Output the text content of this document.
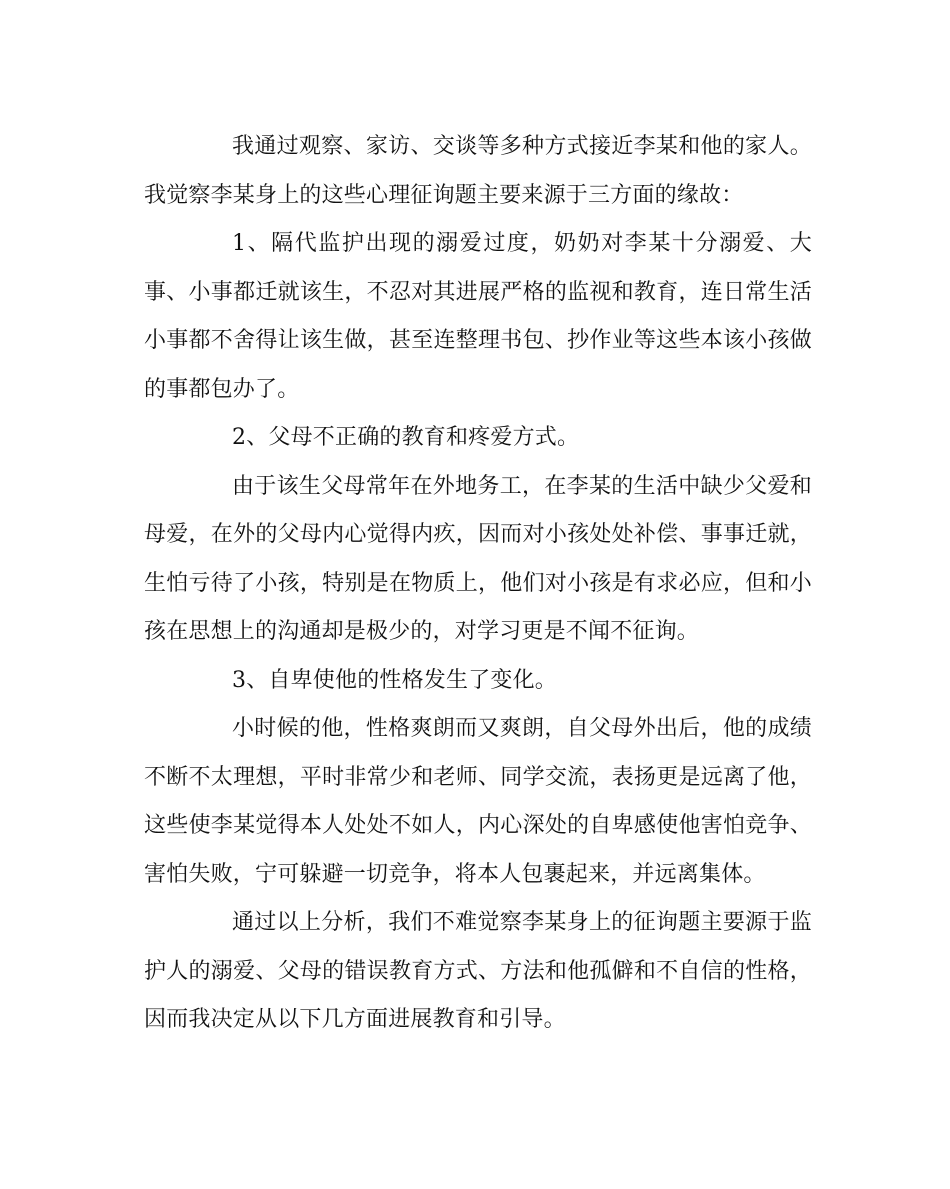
我通过观察、家访、交谈等多种方式接近李某和他的家人。我觉察李某身上的这些心理征询题主要来源于三方面的缘故：

1、隔代监护出现的溺爱过度，奶奶对李某十分溺爱、大事、小事都迁就该生，不忍对其进展严格的监视和教育，连日常生活小事都不舍得让该生做，甚至连整理书包、抄作业等这些本该小孩做的事都包办了。

2、父母不正确的教育和疼爱方式。

由于该生父母常年在外地务工，在李某的生活中缺少父爱和母爱，在外的父母内心觉得内疚，因而对小孩处处补偿、事事迁就，生怕亏待了小孩，特别是在物质上，他们对小孩是有求必应，但和小孩在思想上的沟通却是极少的，对学习更是不闻不征询。

3、自卑使他的性格发生了变化。

小时候的他，性格爽朗而又爽朗，自父母外出后，他的成绩不断不太理想，平时非常少和老师、同学交流，表扬更是远离了他，这些使李某觉得本人处处不如人，内心深处的自卑感使他害怕竞争、害怕失败，宁可躲避一切竞争，将本人包裹起来，并远离集体。

通过以上分析，我们不难觉察李某身上的征询题主要源于监护人的溺爱、父母的错误教育方式、方法和他孤僻和不自信的性格，因而我决定从以下几方面进展教育和引导。
